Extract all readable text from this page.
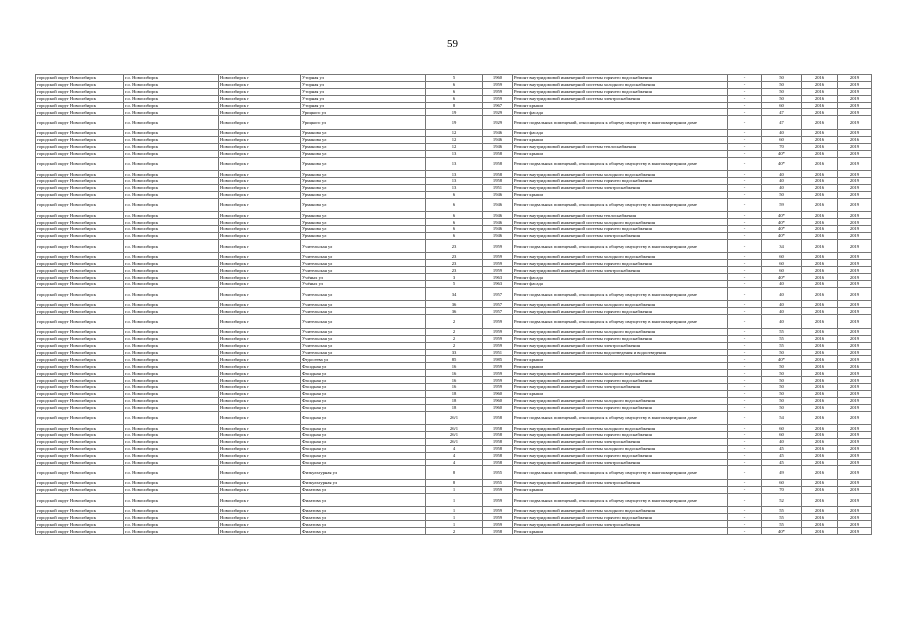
59
городской округ Новосибирск	г.о. Новосибирск	Новосибирск г	Уторная ул	5	1960	Ремонт внутридомовой инженерной системы горячего водоснабжения	-	50	2016	2019
городской округ Новосибирск	г.о. Новосибирск	Новосибирск г	Уторная ул	6	1959	Ремонт внутридомовой инженерной системы холодного водоснабжения	-	50	2016	2019
городской округ Новосибирск	г.о. Новосибирск	Новосибирск г	Уторная ул	6	1959	Ремонт внутридомовой инженерной системы горячего водоснабжения	-	50	2016	2019
городской округ Новосибирск	г.о. Новосибирск	Новосибирск г	Уторная ул	6	1959	Ремонт внутридомовой инженерной системы электроснабжения	-	50	2016	2019
городской округ Новосибирск	г.о. Новосибирск	Новосибирск г	Уторная ул	8	1967	Ремонт крыши	-	60	2016	2019
городской округ Новосибирск	г.о. Новосибирск	Новосибирск г	Урицкого ул	19	1929	Ремонт фасада	-	47	2016	2019
городской округ Новосибирск	г.о. Новосибирск	Новосибирск г	Урицкого ул	19	1929	Ремонт подвальных помещений, относящихся к общему имуществу в многоквартирном доме	-	47	2016	2019
городской округ Новосибирск	г.о. Новосибирск	Новосибирск г	Урманова ул	12	1946	Ремонт фасада	-	40	2016	2019
городской округ Новосибирск	г.о. Новосибирск	Новосибирск г	Урманова ул	12	1946	Ремонт крыши	-	60	2016	2016
городской округ Новосибирск	г.о. Новосибирск	Новосибирск г	Урманова ул	12	1946	Ремонт внутридомовой инженерной системы теплоснабжения	-	70	2016	2019
городской округ Новосибирск	г.о. Новосибирск	Новосибирск г	Урманова ул	13	1958	Ремонт крыши	-	40*	2016	2019
городской округ Новосибирск	г.о. Новосибирск	Новосибирск г	Урманова ул	13	1958	Ремонт подвальных помещений, относящихся к общему имуществу в многоквартирном доме	-	40*	2016	2019
городской округ Новосибирск	г.о. Новосибирск	Новосибирск г	Урманова ул	13	1958	Ремонт внутридомовой инженерной системы холодного водоснабжения	-	40	2016	2019
городской округ Новосибирск	г.о. Новосибирск	Новосибирск г	Урманова ул	13	1958	Ремонт внутридомовой инженерной системы горячего водоснабжения	-	40	2016	2019
городской округ Новосибирск	г.о. Новосибирск	Новосибирск г	Урманова ул	13	1951	Ремонт внутридомовой инженерной системы электроснабжения	-	40	2016	2019
городской округ Новосибирск	г.о. Новосибирск	Новосибирск г	Урманова ул	6	1946	Ремонт крыши	-	50	2016	2019
городской округ Новосибирск	г.о. Новосибирск	Новосибирск г	Урманова ул	6	1946	Ремонт подвальных помещений, относящихся к общему имуществу в многоквартирном доме	-	59	2016	2019
городской округ Новосибирск	г.о. Новосибирск	Новосибирск г	Урманова ул	6	1946	Ремонт внутридомовой инженерной системы теплоснабжения	-	40*	2016	2019
городской округ Новосибирск	г.о. Новосибирск	Новосибирск г	Урманова ул	6	1946	Ремонт внутридомовой инженерной системы холодного водоснабжения	-	40*	2016	2019
городской округ Новосибирск	г.о. Новосибирск	Новосибирск г	Урманова ул	6	1946	Ремонт внутридомовой инженерной системы горячего водоснабжения	-	40*	2016	2019
городской округ Новосибирск	г.о. Новосибирск	Новосибирск г	Урманова ул	6	1946	Ремонт внутридомовой инженерной системы электроснабжения	-	40*	2016	2019
городской округ Новосибирск	г.о. Новосибирск	Новосибирск г	Учительская ул	23	1959	Ремонт подвальных помещений, относящихся к общему имуществу в многоквартирном доме	-	34	2016	2019
городской округ Новосибирск	г.о. Новосибирск	Новосибирск г	Учительская ул	23	1959	Ремонт внутридомовой инженерной системы холодного водоснабжения	-	60	2016	2019
городской округ Новосибирск	г.о. Новосибирск	Новосибирск г	Учительская ул	23	1959	Ремонт внутридомовой инженерной системы горячего водоснабжения	-	60	2016	2019
городской округ Новосибирск	г.о. Новосибирск	Новосибирск г	Учительская ул	23	1959	Ремонт внутридомовой инженерной системы электроснабжения	-	60	2016	2019
городской округ Новосибирск	г.о. Новосибирск	Новосибирск г	Учёных ул	3	1963	Ремонт фасада	-	40*	2016	2019
городской округ Новосибирск	г.о. Новосибирск	Новосибирск г	Учёных ул	5	1963	Ремонт фасада	-	40	2016	2019
городской округ Новосибирск	г.о. Новосибирск	Новосибирск г	Учительская ул	34	1957	Ремонт подвальных помещений, относящихся к общему имуществу в многоквартирном доме	-	40	2016	2019
городской округ Новосибирск	г.о. Новосибирск	Новосибирск г	Учительская ул	36	1957	Ремонт внутридомовой инженерной системы холодного водоснабжения	-	40	2016	2019
городской округ Новосибирск	г.о. Новосибирск	Новосибирск г	Учительская ул	36	1957	Ремонт внутридомовой инженерной системы горячего водоснабжения	-	40	2016	2019
городской округ Новосибирск	г.о. Новосибирск	Новосибирск г	Учительская ул	2	1959	Ремонт подвальных помещений, относящихся к общему имуществу в многоквартирном доме	-	40	2016	2019
городской округ Новосибирск	г.о. Новосибирск	Новосибирск г	Учительская ул	2	1959	Ремонт внутридомовой инженерной системы холодного водоснабжения	-	55	2016	2019
городской округ Новосибирск	г.о. Новосибирск	Новосибирск г	Учительская ул	2	1959	Ремонт внутридомовой инженерной системы горячего водоснабжения	-	55	2016	2019
городской округ Новосибирск	г.о. Новосибирск	Новосибирск г	Учительская ул	2	1959	Ремонт внутридомовой инженерной системы электроснабжения	-	55	2016	2019
городской округ Новосибирск	г.о. Новосибирск	Новосибирск г	Учительская ул	33	1951	Ремонт внутридомовой инженерной системы водоотведения и водоотведения	-	50	2016	2019
городской округ Новосибирск	г.о. Новосибирск	Новосибирск г	Федосеева ул	85	1985	Ремонт крыши	-	40*	2016	2019
городской округ Новосибирск	г.о. Новосибирск	Новосибирск г	Фасадная ул	16	1959	Ремонт крыши	-	50	2016	2016
городской округ Новосибирск	г.о. Новосибирск	Новосибирск г	Фасадная ул	16	1959	Ремонт внутридомовой инженерной системы холодного водоснабжения	-	50	2016	2019
городской округ Новосибирск	г.о. Новосибирск	Новосибирск г	Фасадная ул	16	1959	Ремонт внутридомовой инженерной системы горячего водоснабжения	-	50	2016	2019
городской округ Новосибирск	г.о. Новосибирск	Новосибирск г	Фасадная ул	16	1959	Ремонт внутридомовой инженерной системы электроснабжения	-	50	2016	2019
городской округ Новосибирск	г.о. Новосибирск	Новосибирск г	Фасадная ул	18	1960	Ремонт крыши	-	50	2016	2019
городской округ Новосибирск	г.о. Новосибирск	Новосибирск г	Фасадная ул	18	1960	Ремонт внутридомовой инженерной системы холодного водоснабжения	-	50	2016	2019
городской округ Новосибирск	г.о. Новосибирск	Новосибирск г	Фасадная ул	18	1960	Ремонт внутридомовой инженерной системы горячего водоснабжения	-	50	2016	2019
городской округ Новосибирск	г.о. Новосибирск	Новосибирск г	Фасадная ул	26/1	1958	Ремонт подвальных помещений, относящихся к общему имуществу в многоквартирном доме	-	54	2016	2019
городской округ Новосибирск	г.о. Новосибирск	Новосибирск г	Фасадная ул	26/1	1958	Ремонт внутридомовой инженерной системы холодного водоснабжения	-	60	2016	2019
городской округ Новосибирск	г.о. Новосибирск	Новосибирск г	Фасадная ул	26/1	1958	Ремонт внутридомовой инженерной системы горячего водоснабжения	-	60	2016	2019
городской округ Новосибирск	г.о. Новосибирск	Новосибирск г	Фасадная ул	26/1	1958	Ремонт внутридомовой инженерной системы электроснабжения	-	40	2016	2019
городской округ Новосибирск	г.о. Новосибирск	Новосибирск г	Фасадная ул	4	1958	Ремонт внутридомовой инженерной системы холодного водоснабжения	-	45	2016	2019
городской округ Новосибирск	г.о. Новосибирск	Новосибирск г	Фасадная ул	4	1958	Ремонт внутридомовой инженерной системы горячего водоснабжения	-	45	2016	2019
городской округ Новосибирск	г.о. Новосибирск	Новосибирск г	Фасадная ул	4	1958	Ремонт внутридомовой инженерной системы электроснабжения	-	45	2016	2019
городской округ Новосибирск	г.о. Новосибирск	Новосибирск г	Физкультурная ул	8	1955	Ремонт подвальных помещений, относящихся к общему имуществу в многоквартирном доме	-	49	2016	2019
городской округ Новосибирск	г.о. Новосибирск	Новосибирск г	Физкультурная ул	8	1955	Ремонт внутридомовой инженерной системы электроснабжения	-	60	2016	2019
городской округ Новосибирск	г.о. Новосибирск	Новосибирск г	Филатова ул	1	1959	Ремонт крыши	-	70	2016	2019
городской округ Новосибирск	г.о. Новосибирск	Новосибирск г	Филатова ул	1	1959	Ремонт подвальных помещений, относящихся к общему имуществу в многоквартирном доме	-	52	2016	2019
городской округ Новосибирск	г.о. Новосибирск	Новосибирск г	Филатова ул	1	1959	Ремонт внутридомовой инженерной системы холодного водоснабжения	-	55	2016	2019
городской округ Новосибирск	г.о. Новосибирск	Новосибирск г	Филатова ул	1	1959	Ремонт внутридомовой инженерной системы горячего водоснабжения	-	55	2016	2019
городской округ Новосибирск	г.о. Новосибирск	Новосибирск г	Филатова ул	1	1959	Ремонт внутридомовой инженерной системы электроснабжения	-	55	2016	2019
городской округ Новосибирск	г.о. Новосибирск	Новосибирск г	Филатова ул	2	1958	Ремонт крыши	-	40*	2016	2019
